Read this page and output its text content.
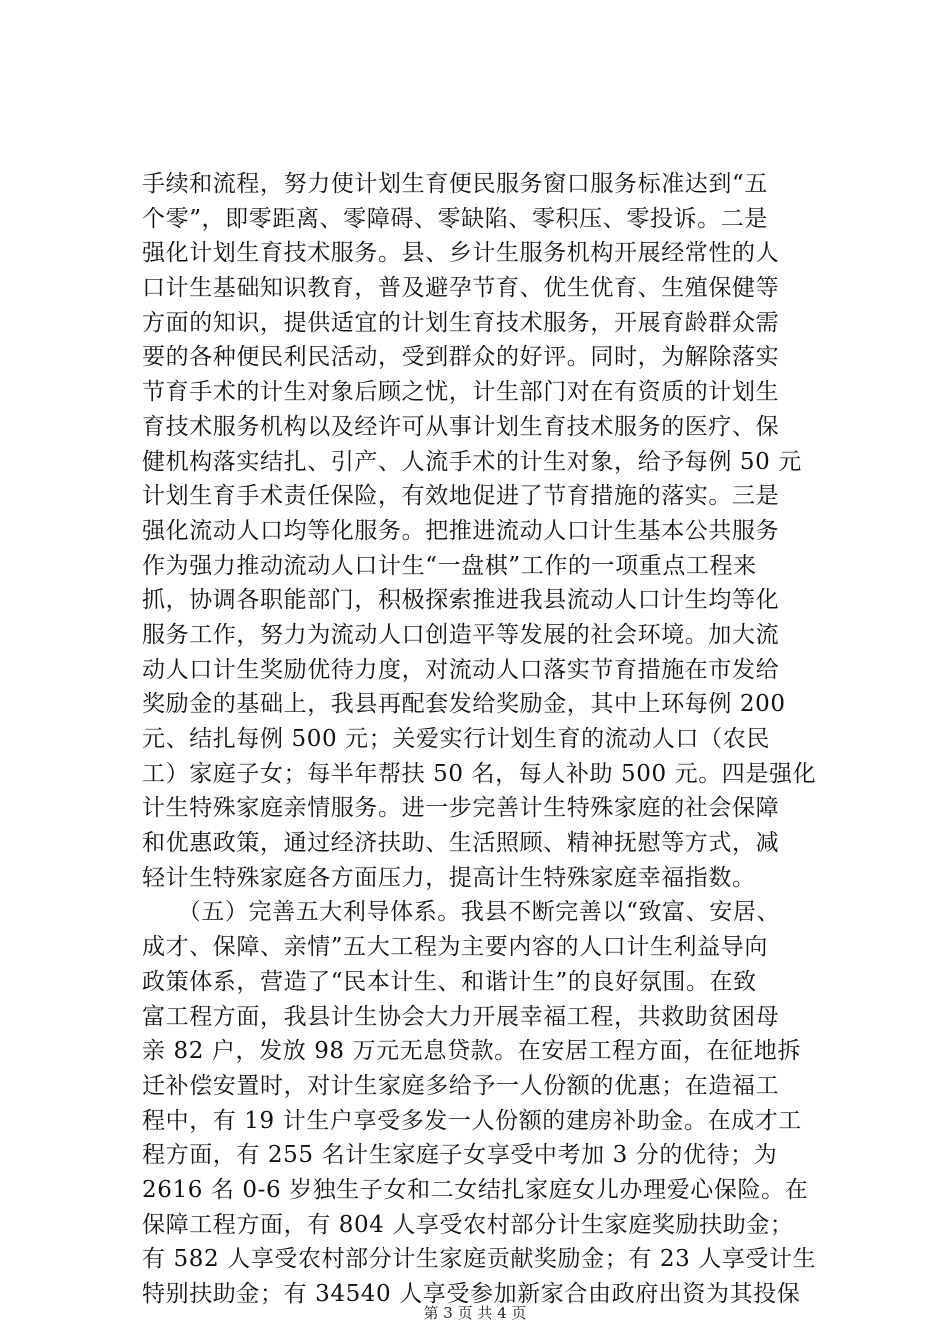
手续和流程，努力使计划生育便民服务窗口服务标准达到“五
个零”，即零距离、零障碍、零缺陷、零积压、零投诉。二是
强化计划生育技术服务。县、乡计生服务机构开展经常性的人
口计生基础知识教育，普及避孕节育、优生优育、生殖保健等
方面的知识，提供适宜的计划生育技术服务，开展育龄群众需
要的各种便民利民活动，受到群众的好评。同时，为解除落实
节育手术的计生对象后顾之忧，计生部门对在有资质的计划生
育技术服务机构以及经许可从事计划生育技术服务的医疗、保
健机构落实结扎、引产、人流手术的计生对象，给予每例 50 元
计划生育手术责任保险，有效地促进了节育措施的落实。三是
强化流动人口均等化服务。把推进流动人口计生基本公共服务
作为强力推动流动人口计生“一盘棋”工作的一项重点工程来
抓，协调各职能部门，积极探索推进我县流动人口计生均等化
服务工作，努力为流动人口创造平等发展的社会环境。加大流
动人口计生奖励优待力度，对流动人口落实节育措施在市发给
奖励金的基础上，我县再配套发给奖励金，其中上环每例 200
元、结扎每例 500 元；关爱实行计划生育的流动人口（农民
工）家庭子女；每半年帮扶 50 名，每人补助 500 元。四是强化
计生特殊家庭亲情服务。进一步完善计生特殊家庭的社会保障
和优惠政策，通过经济扶助、生活照顾、精神抚慰等方式，减
轻计生特殊家庭各方面压力，提高计生特殊家庭幸福指数。
　　（五）完善五大利导体系。我县不断完善以“致富、安居、
成才、保障、亲情”五大工程为主要内容的人口计生利益导向
政策体系，营造了“民本计生、和谐计生”的良好氛围。在致
富工程方面，我县计生协会大力开展幸福工程，共救助贫困母
亲 82 户，发放 98 万元无息贷款。在安居工程方面，在征地拆
迁补偿安置时，对计生家庭多给予一人份额的优惠；在造福工
程中，有 19 计生户享受多发一人份额的建房补助金。在成才工
程方面，有 255 名计生家庭子女享受中考加 3 分的优待；为
2616 名 0-6 岁独生子女和二女结扎家庭女儿办理爱心保险。在
保障工程方面，有 804 人享受农村部分计生家庭奖励扶助金；
有 582 人享受农村部分计生家庭贡献奖励金；有 23 人享受计生
特别扶助金；有 34540 人享受参加新家合由政府出资为其投保
第 3 页 共 4 页
